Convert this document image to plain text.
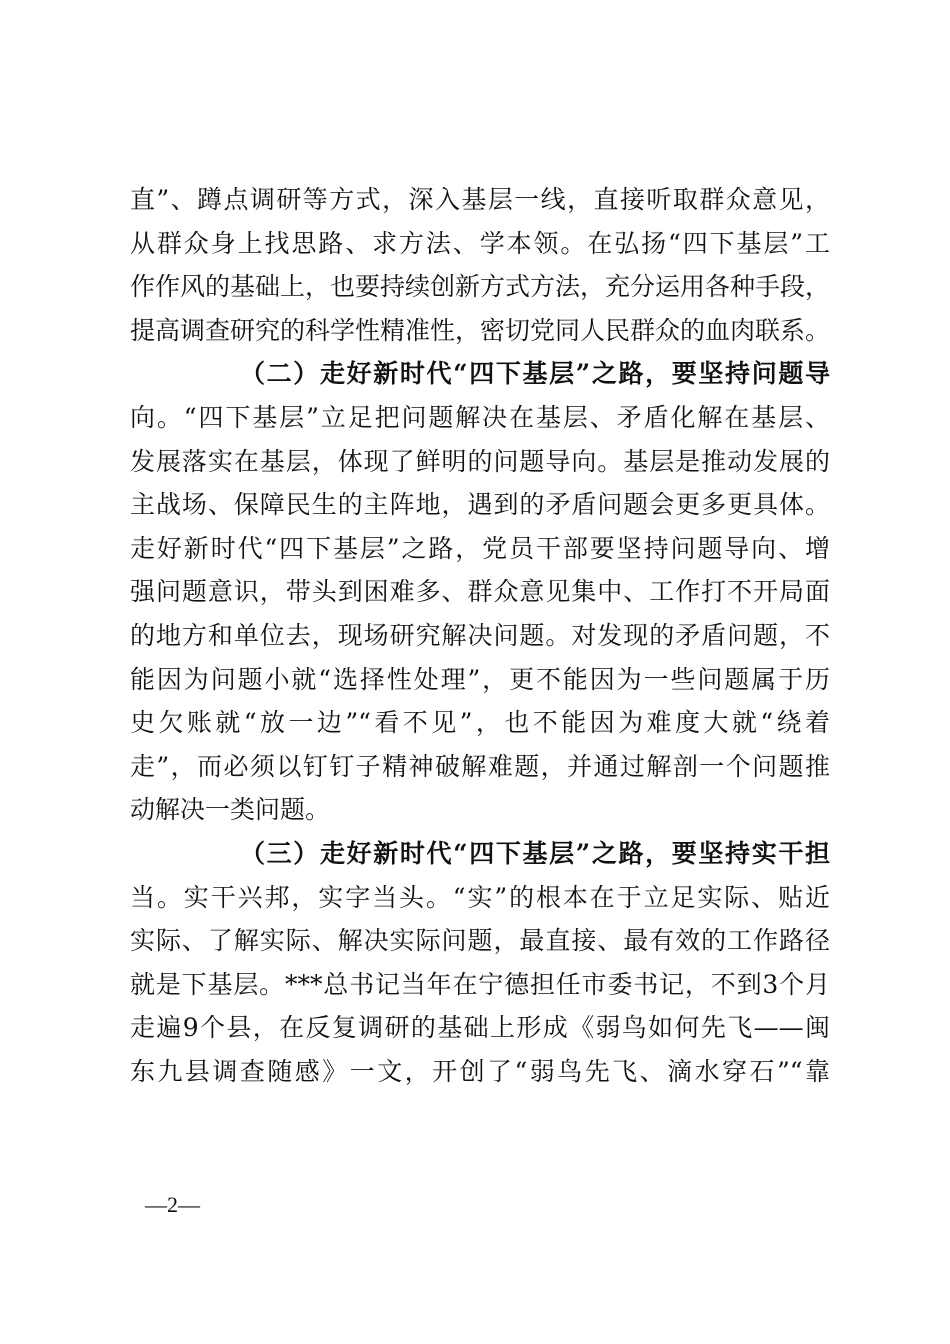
直”、蹲点调研等方式，深入基层一线，直接听取群众意见，
从群众身上找思路、求方法、学本领。在弘扬“四下基层”工
作作风的基础上，也要持续创新方式方法，充分运用各种手段，
提高调查研究的科学性精准性，密切党同人民群众的血肉联系。
（二）走好新时代“四下基层”之路，要坚持问题导
向。“四下基层”立足把问题解决在基层、矛盾化解在基层、
发展落实在基层，体现了鲜明的问题导向。基层是推动发展的
主战场、保障民生的主阵地，遇到的矛盾问题会更多更具体。
走好新时代“四下基层”之路，党员干部要坚持问题导向、增
强问题意识，带头到困难多、群众意见集中、工作打不开局面
的地方和单位去，现场研究解决问题。对发现的矛盾问题，不
能因为问题小就“选择性处理”，更不能因为一些问题属于历
史欠账就“放一边”“看不见”，也不能因为难度大就“绕着
走”，而必须以钉钉子精神破解难题，并通过解剖一个问题推
动解决一类问题。
（三）走好新时代“四下基层”之路，要坚持实干担
当。实干兴邦，实字当头。“实”的根本在于立足实际、贴近
实际、了解实际、解决实际问题，最直接、最有效的工作路径
就是下基层。***总书记当年在宁德担任市委书记，不到3个月
走遍9个县，在反复调研的基础上形成《弱鸟如何先飞——闽
东九县调查随感》一文，开创了“弱鸟先飞、滴水穿石”“靠
—2—
